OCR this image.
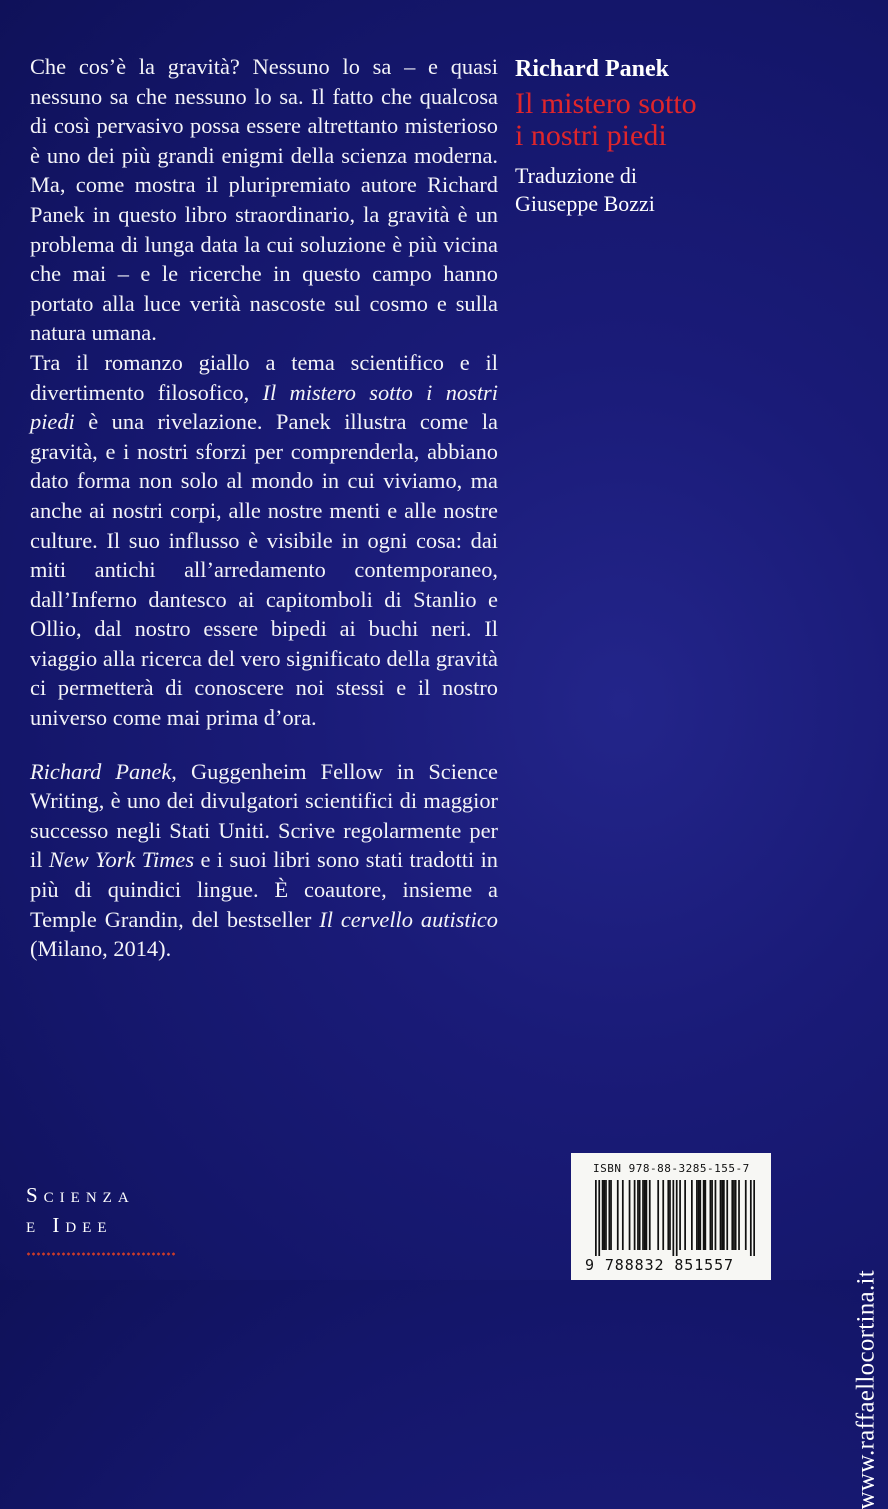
Che cos’è la gravità? Nessuno lo sa – e quasi nessuno sa che nessuno lo sa. Il fatto che qualcosa di così pervasivo possa essere altrettanto misterioso è uno dei più grandi enigmi della scienza moderna. Ma, come mostra il pluripremiato autore Richard Panek in questo libro straordinario, la gravità è un problema di lunga data la cui soluzione è più vicina che mai – e le ricerche in questo campo hanno portato alla luce verità nascoste sul cosmo e sulla natura umana.

Tra il romanzo giallo a tema scientifico e il divertimento filosofico, Il mistero sotto i nostri piedi è una rivelazione. Panek illustra come la gravità, e i nostri sforzi per comprenderla, abbiano dato forma non solo al mondo in cui viviamo, ma anche ai nostri corpi, alle nostre menti e alle nostre culture. Il suo influsso è visibile in ogni cosa: dai miti antichi all’arredamento contemporaneo, dall’Inferno dantesco ai capitomboli di Stanlio e Ollio, dal nostro essere bipedi ai buchi neri. Il viaggio alla ricerca del vero significato della gravità ci permetterà di conoscere noi stessi e il nostro universo come mai prima d’ora.

Richard Panek, Guggenheim Fellow in Science Writing, è uno dei divulgatori scientifici di maggior successo negli Stati Uniti. Scrive regolarmente per il New York Times e i suoi libri sono stati tradotti in più di quindici lingue. È coautore, insieme a Temple Grandin, del bestseller Il cervello autistico (Milano, 2014).

Richard Panek
Il mistero sotto
i nostri piedi
Traduzione di
Giuseppe Bozzi
Scienza
e Idee
www.raffaellocortina.it
ISBN 978-88-3285-155-7
9 788832 851557
